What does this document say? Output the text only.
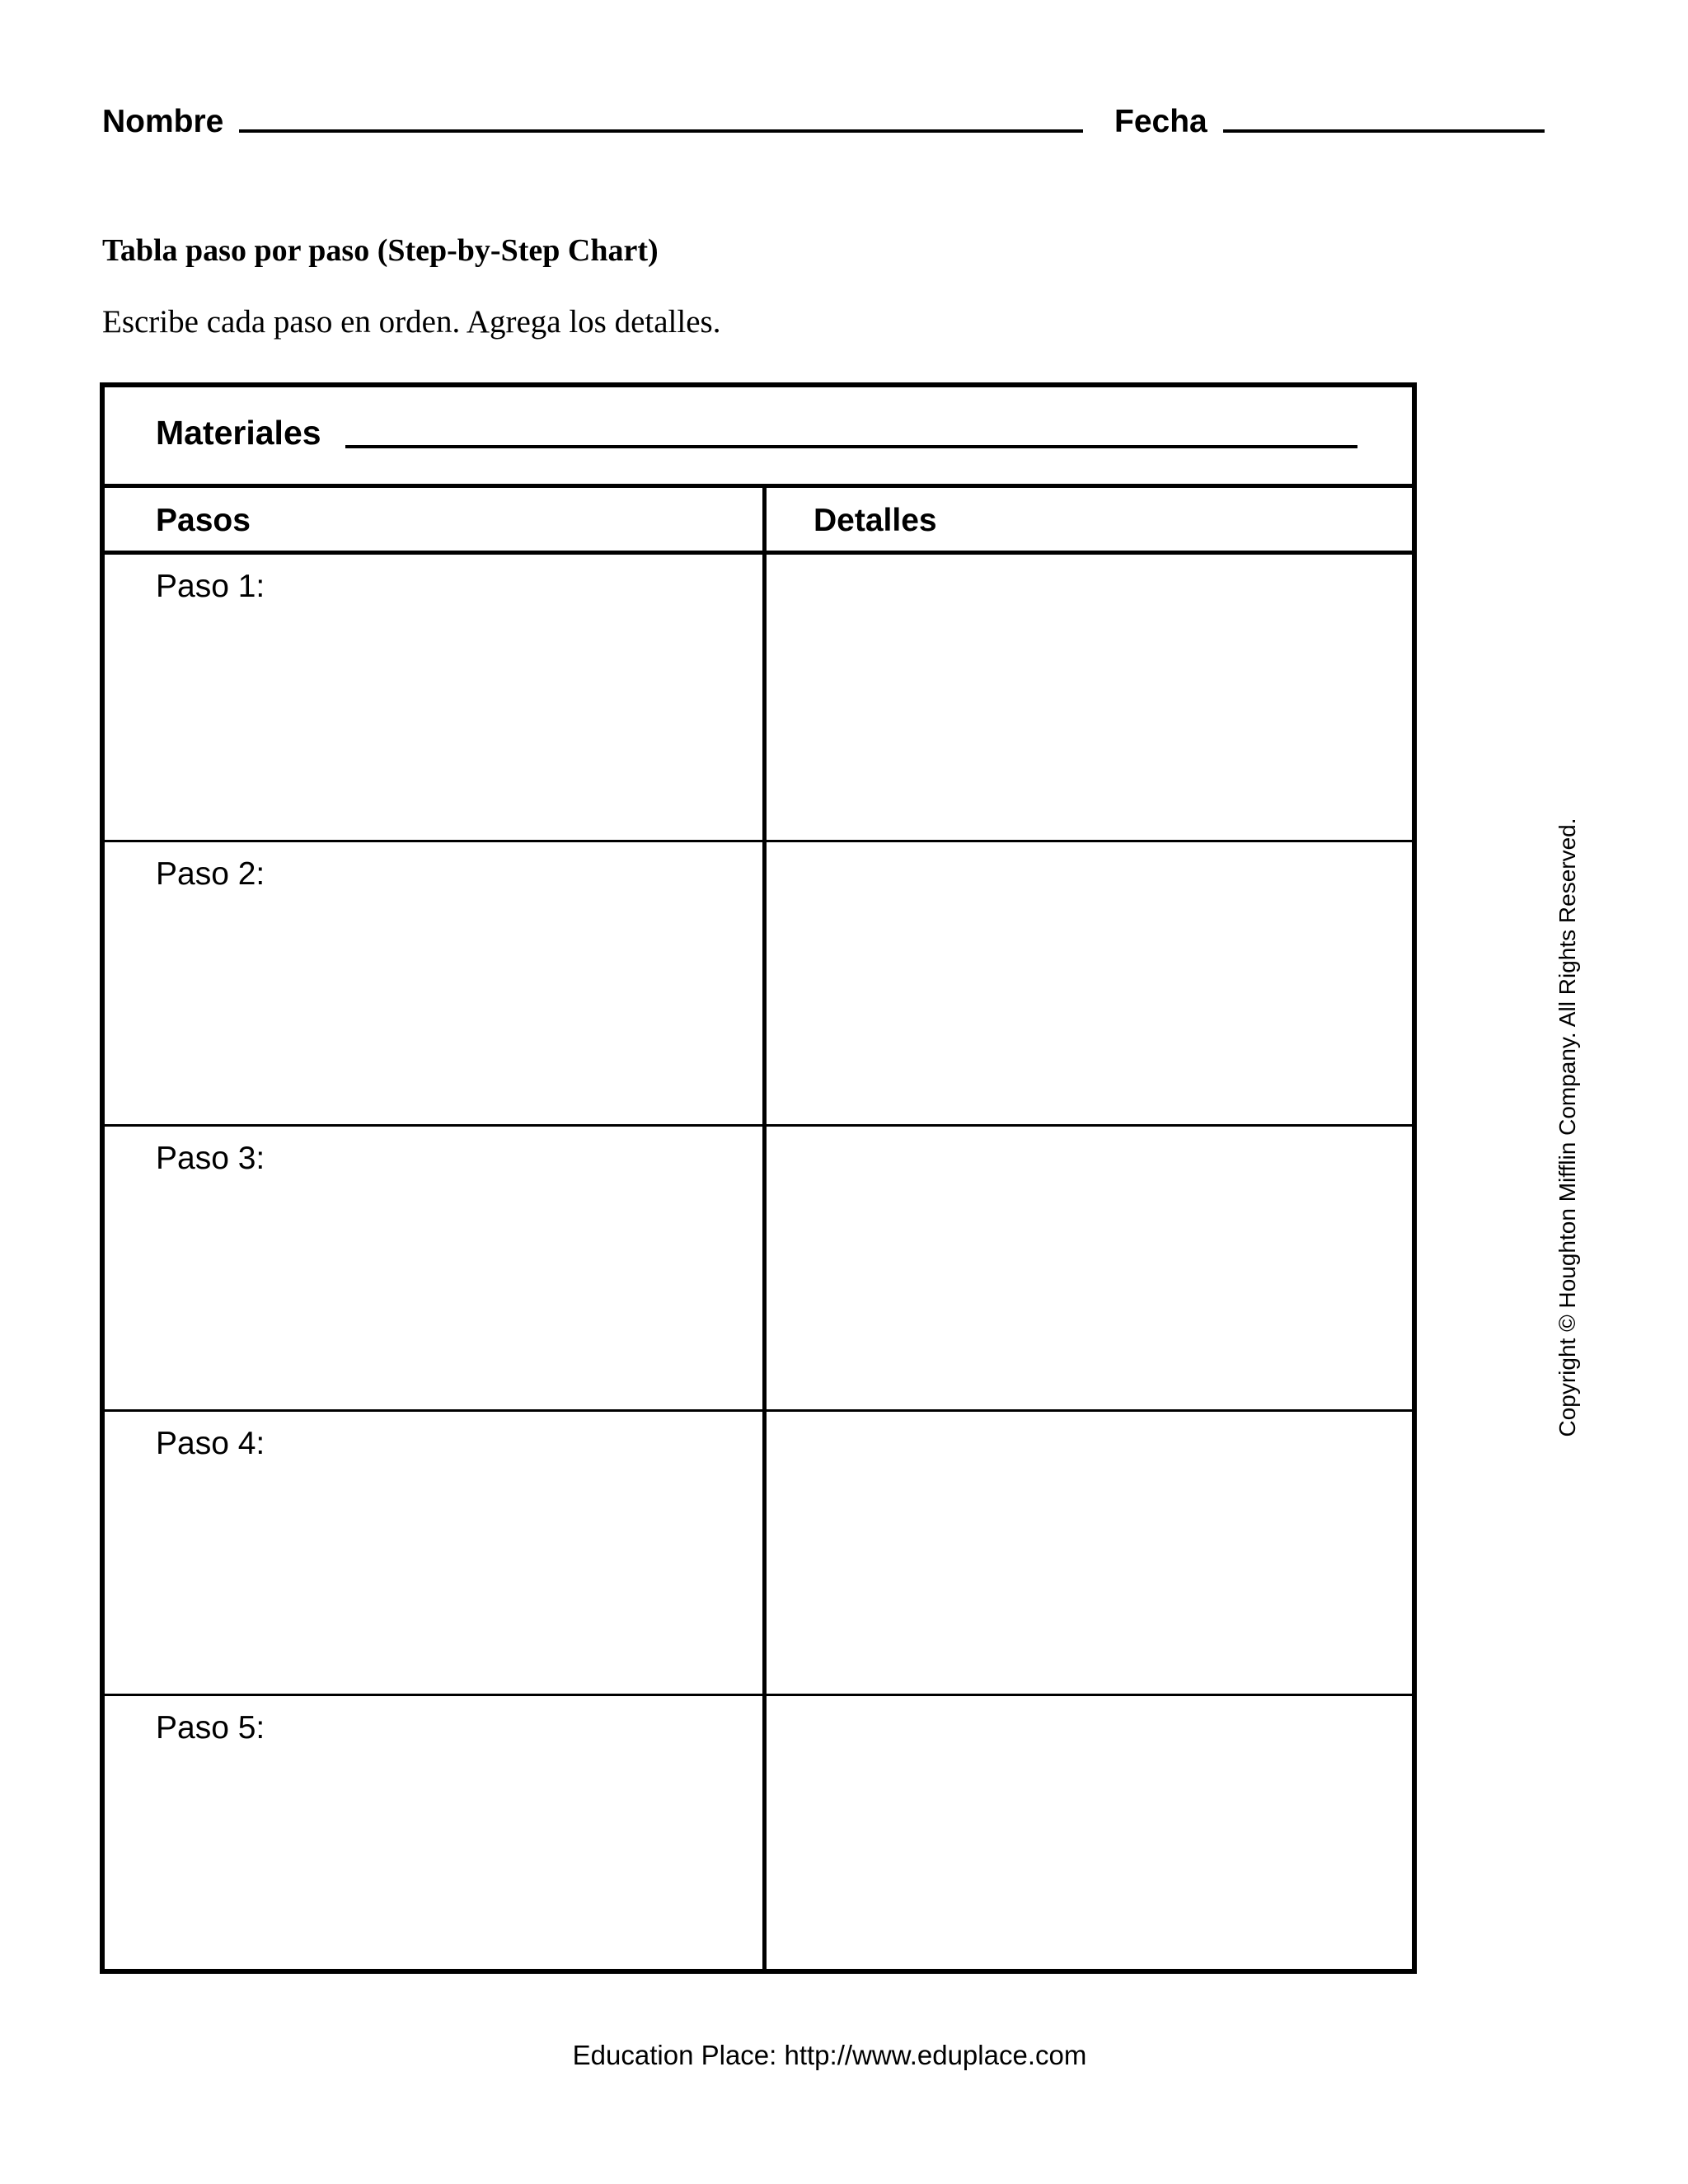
Nombre	Fecha
Tabla paso por paso (Step-by-Step Chart)
Escribe cada paso en orden. Agrega los detalles.
Materiales
Pasos	Detalles
Paso 1:
Paso 2:
Paso 3:
Paso 4:
Paso 5:
Copyright © Houghton Mifflin Company. All Rights Reserved.
Education Place: http://www.eduplace.com
